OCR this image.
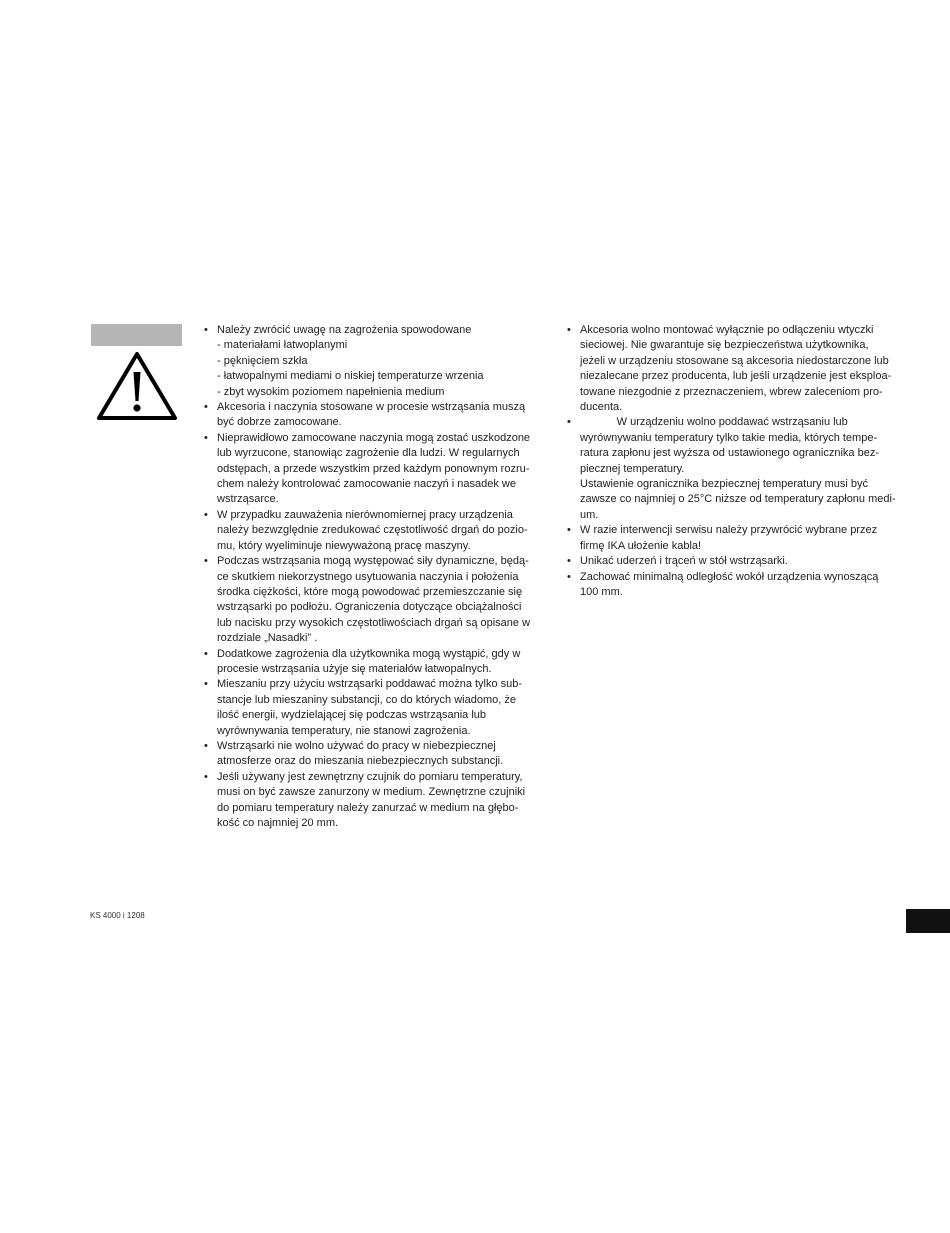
• Należy zwrócić uwagę na zagrożenia spowodowane
- materiałami łatwoplanymi
- pęknięciem szkła
- łatwopalnymi mediami o niskiej temperaturze wrzenia
- zbyt wysokim poziomem napełnienia medium
• Akcesoria i naczynia stosowane w procesie wstrząsania muszą
być dobrze zamocowane.
• Nieprawidłowo zamocowane naczynia mogą zostać uszkodzone
lub wyrzucone, stanowiąc zagrożenie dla ludzi. W regularnych
odstępach, a przede wszystkim przed każdym ponownym rozru-
chem należy kontrolować zamocowanie naczyń i nasadek we
wstrząsarce.
• W przypadku zauważenia nierównomiernej pracy urządzenia
należy bezwzględnie zredukować częstotliwość drgań do pozio-
mu, który wyeliminuje niewyważoną pracę maszyny.
• Podczas wstrząsania mogą występować siły dynamiczne, będą-
ce skutkiem niekorzystnego usytuowania naczynia i położenia
środka ciężkości, które mogą powodować przemieszczanie się
wstrząsarki po podłożu. Ograniczenia dotyczące obciążalności
lub nacisku przy wysokich częstotliwościach drgań są opisane w
rozdziale „Nasadki” .
• Dodatkowe zagrożenia dla użytkownika mogą wystąpić, gdy w
procesie wstrząsania użyje się materiałów łatwopalnych.
• Mieszaniu przy użyciu wstrząsarki poddawać można tylko sub-
stancje lub mieszaniny substancji, co do których wiadomo, że
ilość energii, wydzielającej się podczas wstrząsania lub
wyrównywania temperatury, nie stanowi zagrożenia.
• Wstrząsarki nie wolno używać do pracy w niebezpiecznej
atmosferze oraz do mieszania niebezpiecznych substancji.
• Jeśli używany jest zewnętrzny czujnik do pomiaru temperatury,
musi on być zawsze zanurzony w medium. Zewnętrzne czujniki
do pomiaru temperatury należy zanurzać w medium na głębo-
kość co najmniej 20 mm.
• Akcesoria wolno montować wyłącznie po odłączeniu wtyczki
sieciowej. Nie gwarantuje się bezpieczeństwa użytkownika,
jeżeli w urządzeniu stosowane są akcesoria niedostarczone lub
niezalecane przez producenta, lub jeśli urządzenie jest eksploa-
towane niezgodnie z przeznaczeniem, wbrew zaleceniom pro-
ducenta.
• W urządzeniu wolno poddawać wstrząsaniu lub
wyrównywaniu temperatury tylko takie media, których tempe-
ratura zapłonu jest wyższa od ustawionego ogranicznika bez-
piecznej temperatury.
Ustawienie ogranicznika bezpiecznej temperatury musi być
zawsze co najmniej o 25°C niższe od temperatury zapłonu medi-
um.
• W razie interwencji serwisu należy przywrócić wybrane przez
firmę IKA ułożenie kabla!
• Unikać uderzeń i trąceń w stół wstrząsarki.
• Zachować minimalną odległość wokół urządzenia wynoszącą
100 mm.
KS 4000 i 1208
